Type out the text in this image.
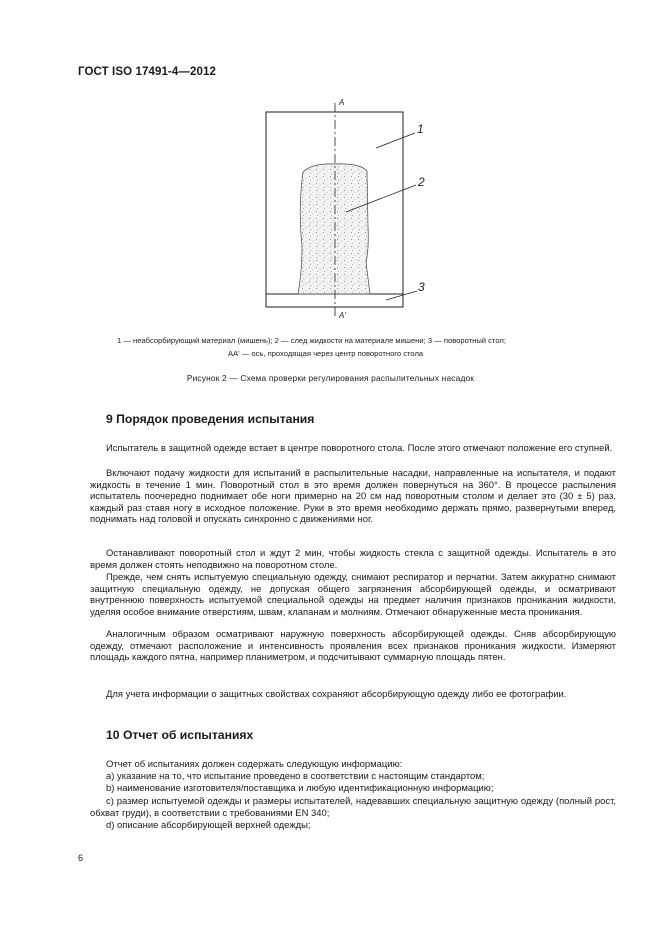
ГОСТ ISO 17491-4—2012
A
A'
1
2
3
1 — неабсорбирующий материал (мишень); 2 — след жидкости на материале мишени; 3 — поворотный стол;
AA' — ось, проходящая через центр поворотного стола
Рисунок 2 — Схема проверки регулирования распылительных насадок
9 Порядок проведения испытания

Испытатель в защитной одежде встает в центре поворотного стола. После этого отмечают положение его ступней.

Включают подачу жидкости для испытаний в распылительные насадки, направленные на испытателя, и подают жидкость в течение 1 мин. Поворотный стол в это время должен повернуться на 360°. В процессе распыления испытатель поочередно поднимает обе ноги примерно на 20 см над поворотным столом и делает это (30 ± 5) раз, каждый раз ставя ногу в исходное положение. Руки в это время необходимо держать прямо, развернутыми вперед, поднимать над головой и опускать синхронно с движениями ног.

Останавливают поворотный стол и ждут 2 мин, чтобы жидкость стекла с защитной одежды. Испытатель в это время должен стоять неподвижно на поворотном столе.

Прежде, чем снять испытуемую специальную одежду, снимают респиратор и перчатки. Затем аккуратно снимают защитную специальную одежду, не допуская общего загрязнения абсорбирующей одежды, и осматривают внутреннюю поверхность испытуемой специальной одежды на предмет наличия признаков проникания жидкости, уделяя особое внимание отверстиям, швам, клапанам и молниям. Отмечают обнаруженные места проникания.

Аналогичным образом осматривают наружную поверхность абсорбирующей одежды. Сняв абсорбирующую одежду, отмечают расположение и интенсивность проявления всех признаков проникания жидкости. Измеряют площадь каждого пятна, например планиметром, и подсчитывают суммарную площадь пятен.

Для учета информации о защитных свойствах сохраняют абсорбирующую одежду либо ее фотографии.

10 Отчет об испытаниях

Отчет об испытаниях должен содержать следующую информацию:

a) указание на то, что испытание проведено в соответствии с настоящим стандартом;

b) наименование изготовителя/поставщика и любую идентификационную информацию;

c) размер испытуемой одежды и размеры испытателей, надевавших специальную защитную одежду (полный рост, обхват груди), в соответствии с требованиями EN 340;

d) описание абсорбирующей верхней одежды;

6
